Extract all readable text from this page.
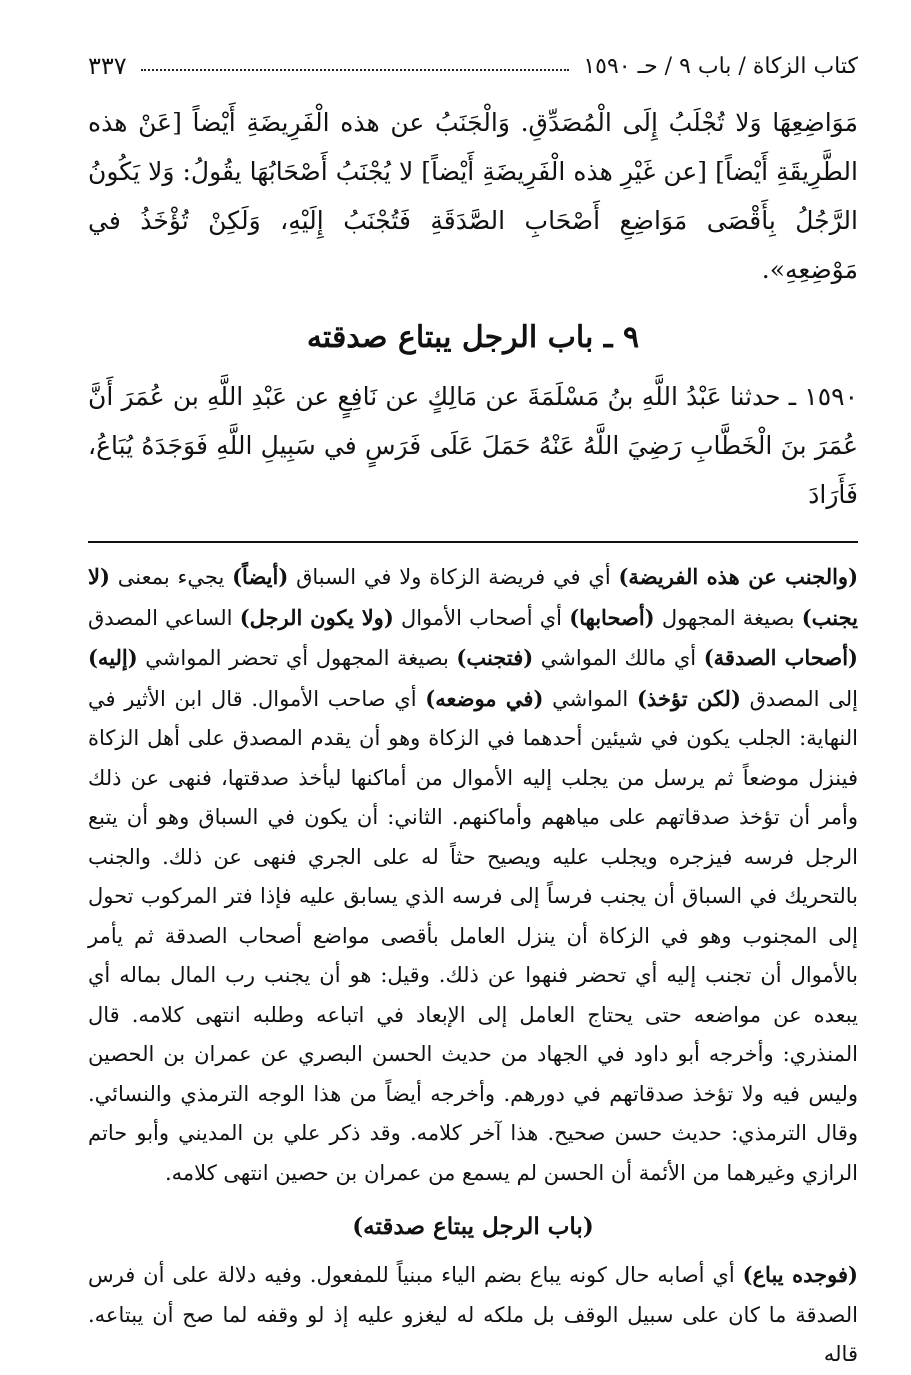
كتاب الزكاة / باب ٩ / حـ ١٥٩٠
٣٣٧

مَوَاضِعِهَا وَلا تُجْلَبُ إِلَى الْمُصَدِّقِ. وَالْجَنَبُ عن هذه الْفَرِيضَةِ أَيْضاً [عَنْ هذه الطَّرِيقَةِ أَيْضاً] [عن غَيْرِ هذه الْفَرِيضَةِ أَيْضاً] لا يُجْنَبُ أَصْحَابُهَا يقُولُ: وَلا يَكُونُ الرَّجُلُ بِأَقْصَى مَوَاضِعِ أَصْحَابِ الصَّدَقَةِ فَتُجْنَبُ إِلَيْهِ، وَلَكِنْ تُؤْخَذُ في مَوْضِعِهِ».

٩ ـ باب الرجل يبتاع صدقته

١٥٩٠ ـ حدثنا عَبْدُ اللَّهِ بنُ مَسْلَمَةَ عن مَالِكٍ عن نَافِعٍ عن عَبْدِ اللَّهِ بن عُمَرَ أَنَّ عُمَرَ بنَ الْخَطَّابِ رَضِيَ اللَّهُ عَنْهُ حَمَلَ عَلَى فَرَسٍ في سَبِيلِ اللَّهِ فَوَجَدَهُ يُبَاعُ، فَأَرَادَ

(والجنب عن هذه الفريضة) أي في فريضة الزكاة ولا في السباق (أيضاً) يجيء بمعنى (لا يجنب) بصيغة المجهول (أصحابها) أي أصحاب الأموال (ولا يكون الرجل) الساعي المصدق (أصحاب الصدقة) أي مالك المواشي (فتجنب) بصيغة المجهول أي تحضر المواشي (إليه) إلى المصدق (لكن تؤخذ) المواشي (في موضعه) أي صاحب الأموال. قال ابن الأثير في النهاية: الجلب يكون في شيئين أحدهما في الزكاة وهو أن يقدم المصدق على أهل الزكاة فينزل موضعاً ثم يرسل من يجلب إليه الأموال من أماكنها ليأخذ صدقتها، فنهى عن ذلك وأمر أن تؤخذ صدقاتهم على مياههم وأماكنهم. الثاني: أن يكون في السباق وهو أن يتبع الرجل فرسه فيزجره ويجلب عليه ويصيح حثاً له على الجري فنهى عن ذلك. والجنب بالتحريك في السباق أن يجنب فرساً إلى فرسه الذي يسابق عليه فإذا فتر المركوب تحول إلى المجنوب وهو في الزكاة أن ينزل العامل بأقصى مواضع أصحاب الصدقة ثم يأمر بالأموال أن تجنب إليه أي تحضر فنهوا عن ذلك. وقيل: هو أن يجنب رب المال بماله أي يبعده عن مواضعه حتى يحتاج العامل إلى الإبعاد في اتباعه وطلبه انتهى كلامه. قال المنذري: وأخرجه أبو داود في الجهاد من حديث الحسن البصري عن عمران بن الحصين وليس فيه ولا تؤخذ صدقاتهم في دورهم. وأخرجه أيضاً من هذا الوجه الترمذي والنسائي. وقال الترمذي: حديث حسن صحيح. هذا آخر كلامه. وقد ذكر علي بن المديني وأبو حاتم الرازي وغيرهما من الأئمة أن الحسن لم يسمع من عمران بن حصين انتهى كلامه.

(باب الرجل يبتاع صدقته)

(فوجده يباع) أي أصابه حال كونه يباع بضم الياء مبنياً للمفعول. وفيه دلالة على أن فرس الصدقة ما كان على سبيل الوقف بل ملكه له ليغزو عليه إذ لو وقفه لما صح أن يبتاعه. قاله
